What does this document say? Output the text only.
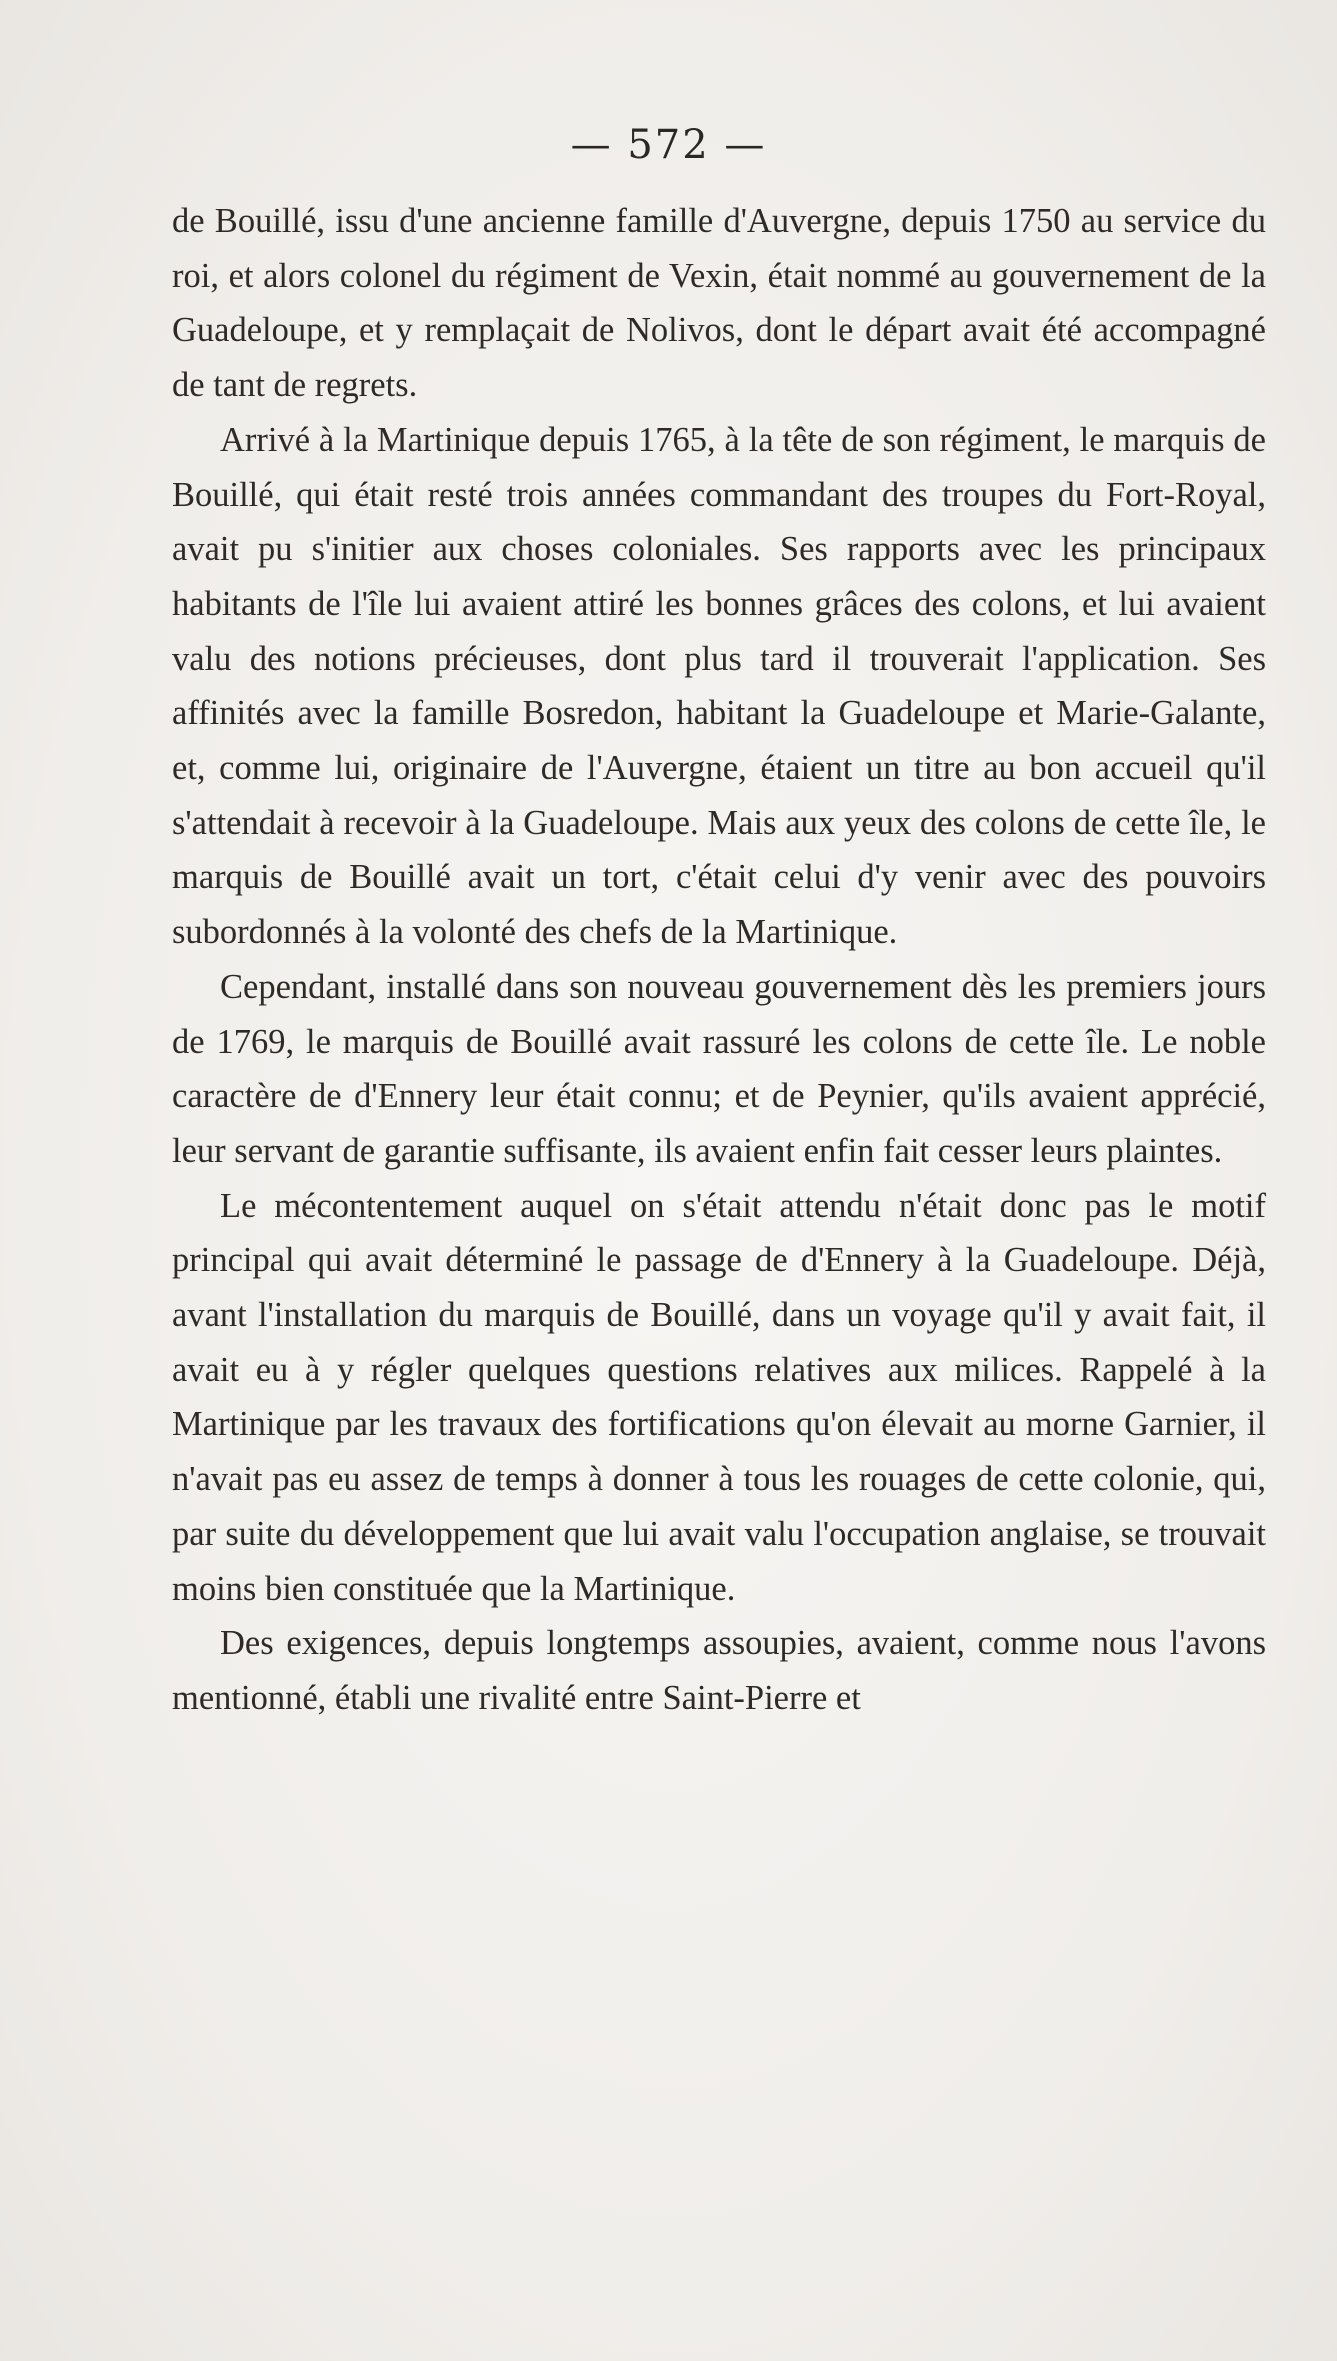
— 572 —

de Bouillé, issu d'une ancienne famille d'Auvergne, depuis 1750 au service du roi, et alors colonel du régiment de Vexin, était nommé au gouvernement de la Guadeloupe, et y remplaçait de Nolivos, dont le départ avait été accompagné de tant de regrets.

Arrivé à la Martinique depuis 1765, à la tête de son régiment, le marquis de Bouillé, qui était resté trois années commandant des troupes du Fort-Royal, avait pu s'initier aux choses coloniales. Ses rapports avec les principaux habitants de l'île lui avaient attiré les bonnes grâces des colons, et lui avaient valu des notions précieuses, dont plus tard il trouverait l'application. Ses affinités avec la famille Bosredon, habitant la Guadeloupe et Marie-Galante, et, comme lui, originaire de l'Auvergne, étaient un titre au bon accueil qu'il s'attendait à recevoir à la Guadeloupe. Mais aux yeux des colons de cette île, le marquis de Bouillé avait un tort, c'était celui d'y venir avec des pouvoirs subordonnés à la volonté des chefs de la Martinique.

Cependant, installé dans son nouveau gouvernement dès les premiers jours de 1769, le marquis de Bouillé avait rassuré les colons de cette île. Le noble caractère de d'Ennery leur était connu; et de Peynier, qu'ils avaient apprécié, leur servant de garantie suffisante, ils avaient enfin fait cesser leurs plaintes.

Le mécontentement auquel on s'était attendu n'était donc pas le motif principal qui avait déterminé le passage de d'Ennery à la Guadeloupe. Déjà, avant l'installation du marquis de Bouillé, dans un voyage qu'il y avait fait, il avait eu à y régler quelques questions relatives aux milices. Rappelé à la Martinique par les travaux des fortifications qu'on élevait au morne Garnier, il n'avait pas eu assez de temps à donner à tous les rouages de cette colonie, qui, par suite du développement que lui avait valu l'occupation anglaise, se trouvait moins bien constituée que la Martinique.

Des exigences, depuis longtemps assoupies, avaient, comme nous l'avons mentionné, établi une rivalité entre Saint-Pierre et
